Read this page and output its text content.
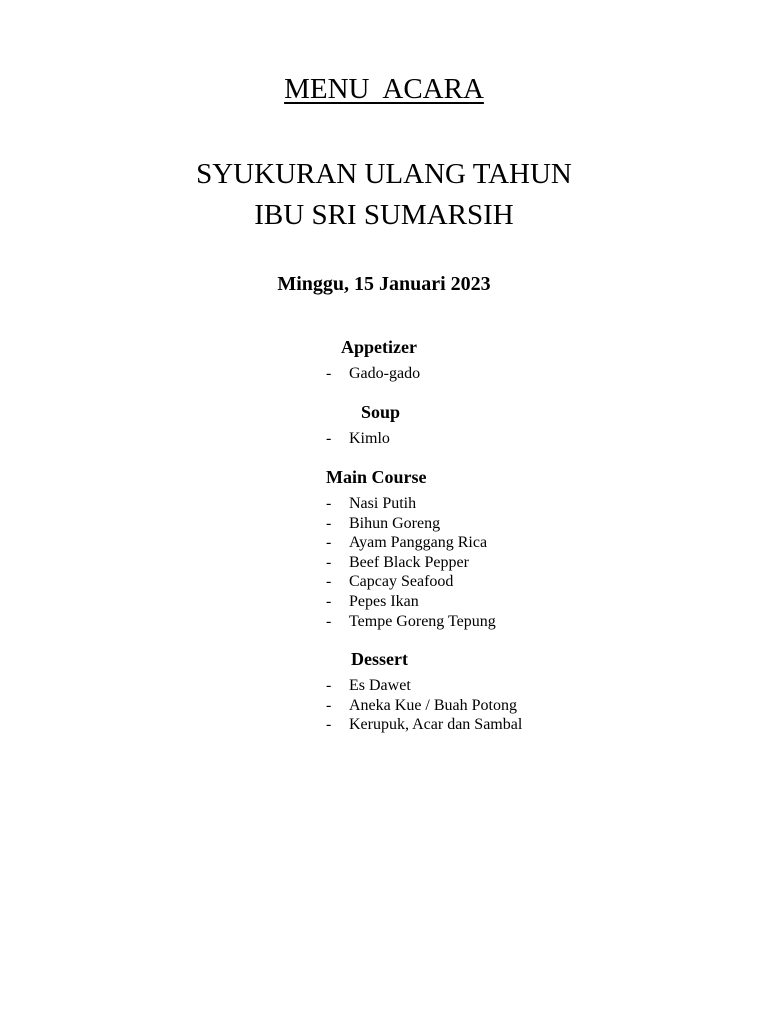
MENU  ACARA
SYUKURAN ULANG TAHUN
IBU SRI SUMARSIH

Minggu, 15 Januari 2023

Appetizer

-	Gado-gado

Soup

-	Kimlo

Main Course

-	Nasi Putih
-	Bihun Goreng
-	Ayam Panggang Rica
-	Beef Black Pepper
-	Capcay Seafood
-	Pepes Ikan
-	Tempe Goreng Tepung

Dessert

-	Es Dawet
-	Aneka Kue / Buah Potong
-	Kerupuk, Acar dan Sambal
